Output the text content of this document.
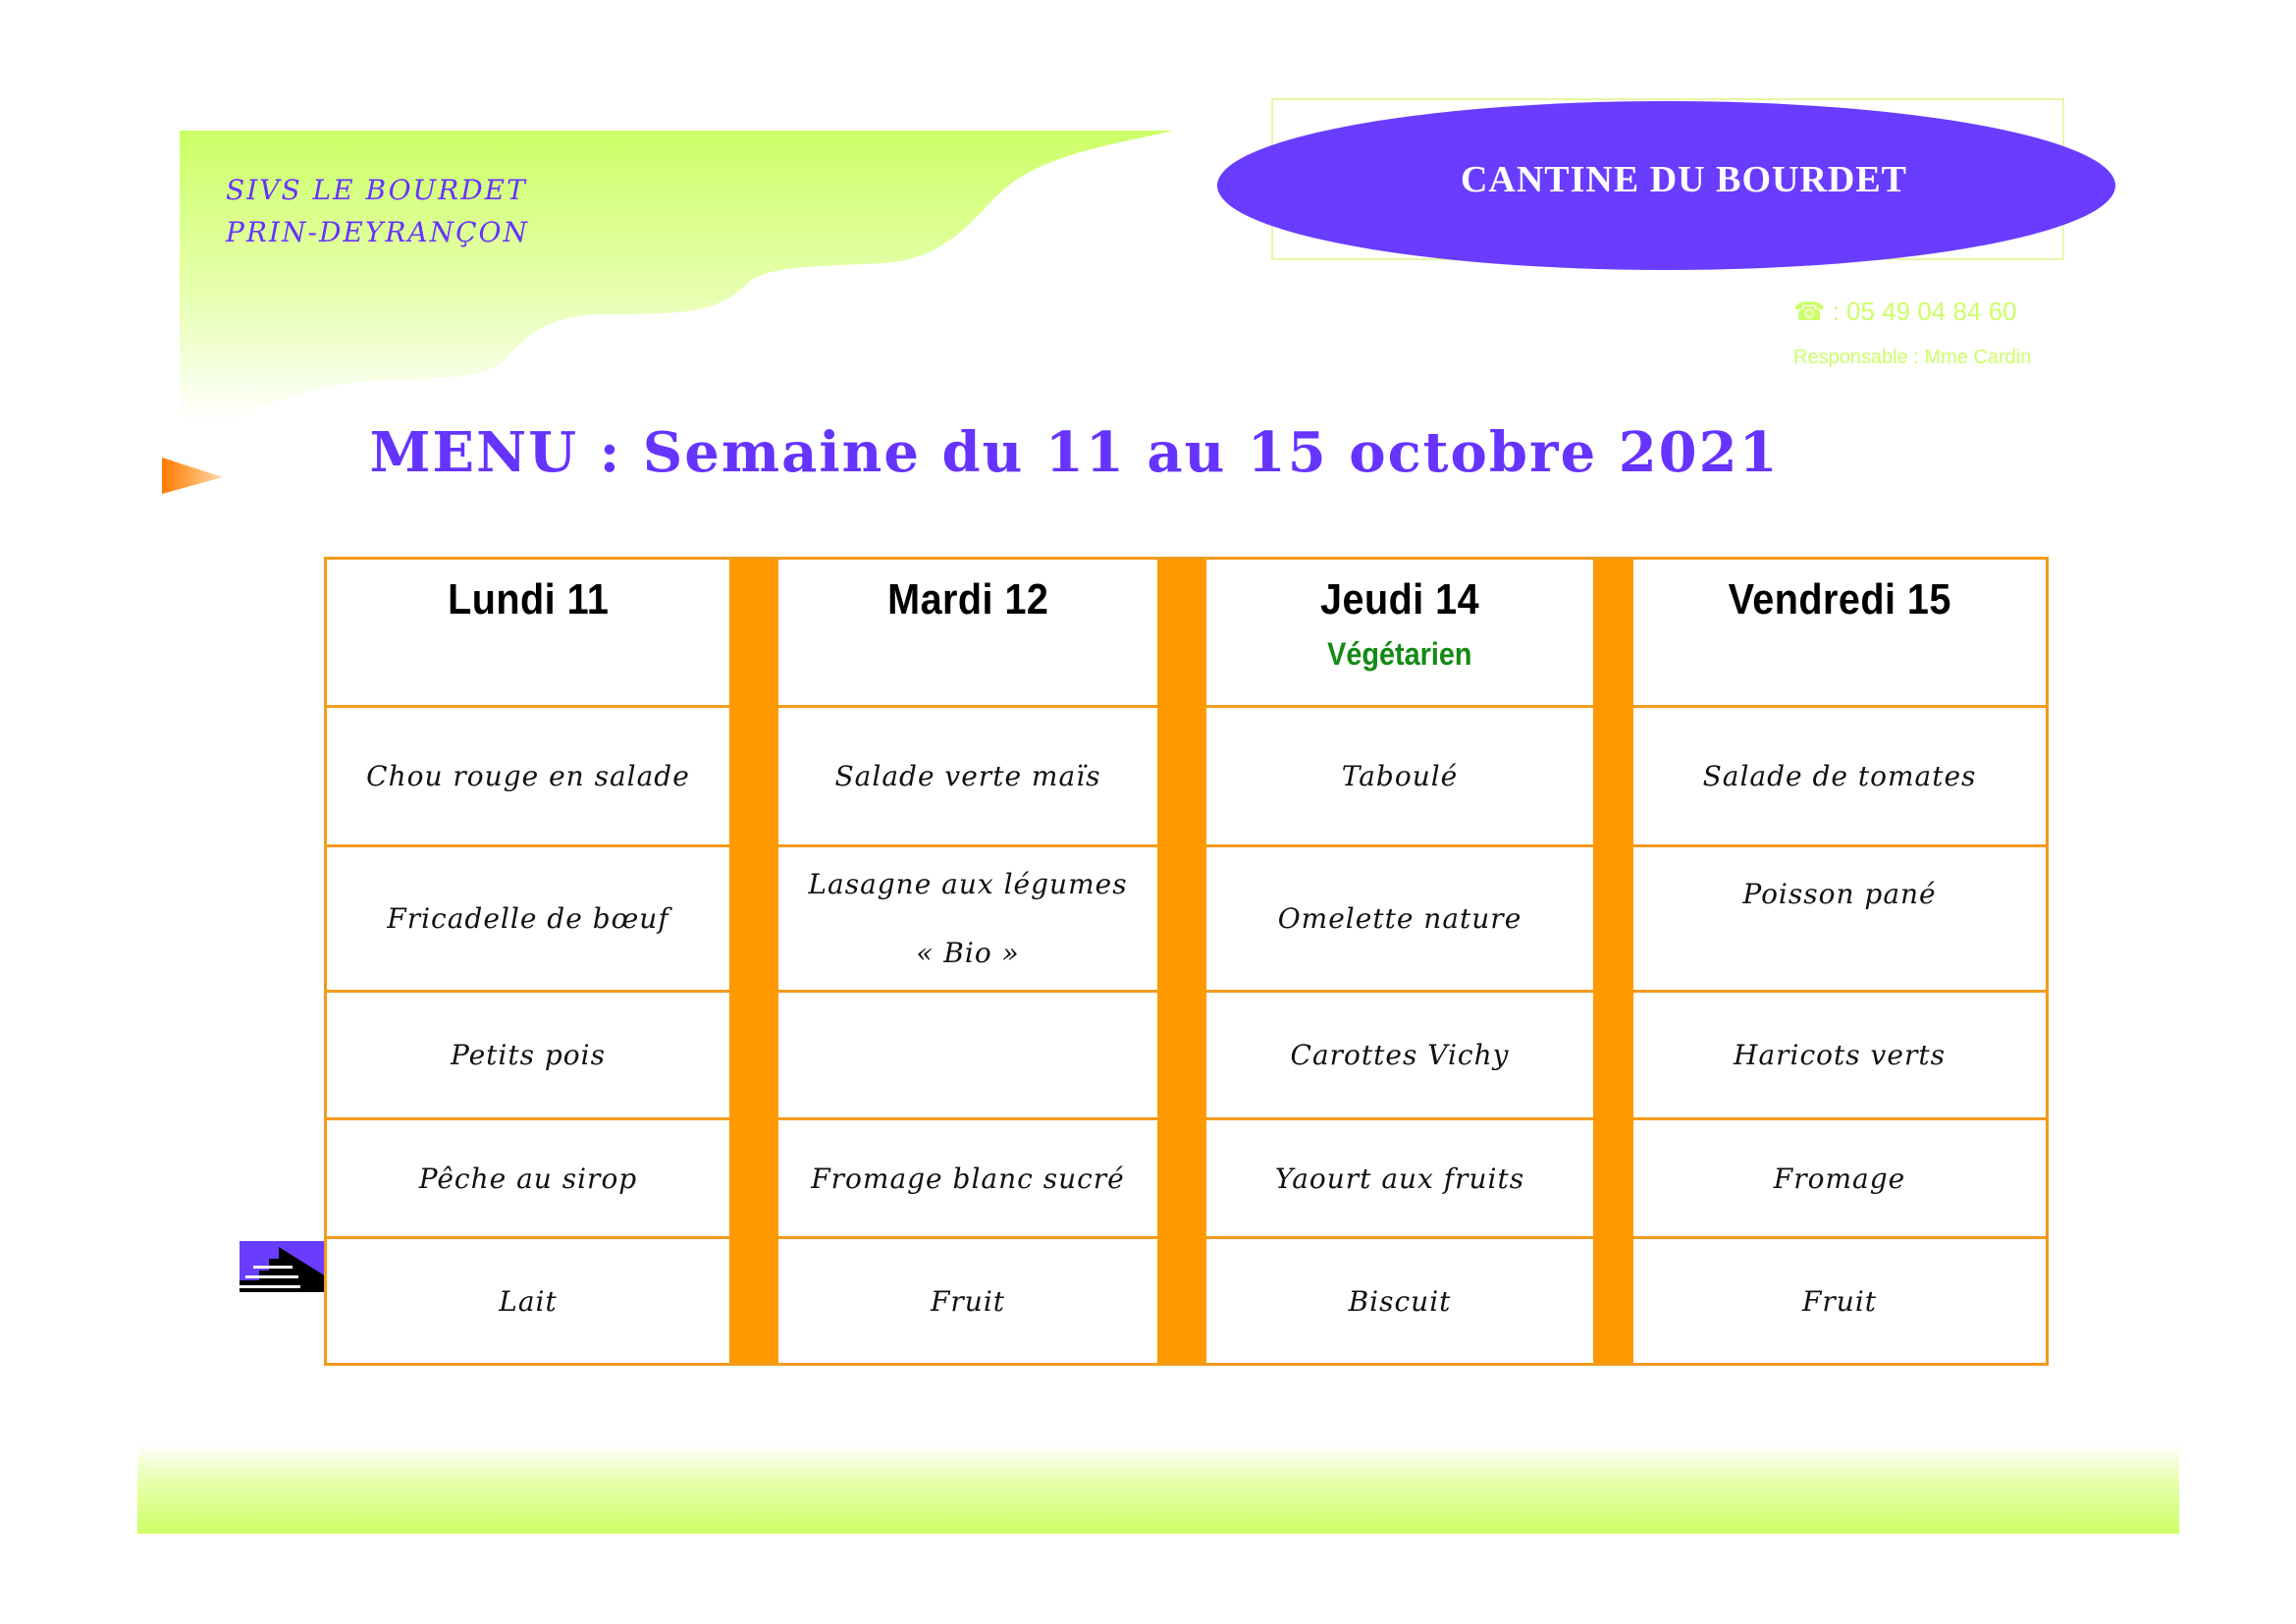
SIVS LE BOURDET
PRIN-DEYRANÇON
CANTINE DU BOURDET
☎ : 05 49 04 84 60
Responsable : Mme Cardin
MENU : Semaine du 11 au 15 octobre 2021
Lundi 11
Chou rouge en salade
Fricadelle de bœuf
Petits pois
Pêche au sirop
Lait
Mardi 12
Salade verte maïs
Lasagne aux légumes
« Bio »
Fromage blanc sucré
Fruit
Jeudi 14
Végétarien
Taboulé
Omelette nature
Carottes Vichy
Yaourt aux fruits
Biscuit
Vendredi 15
Salade de tomates
Poisson pané
Haricots verts
Fromage
Fruit
